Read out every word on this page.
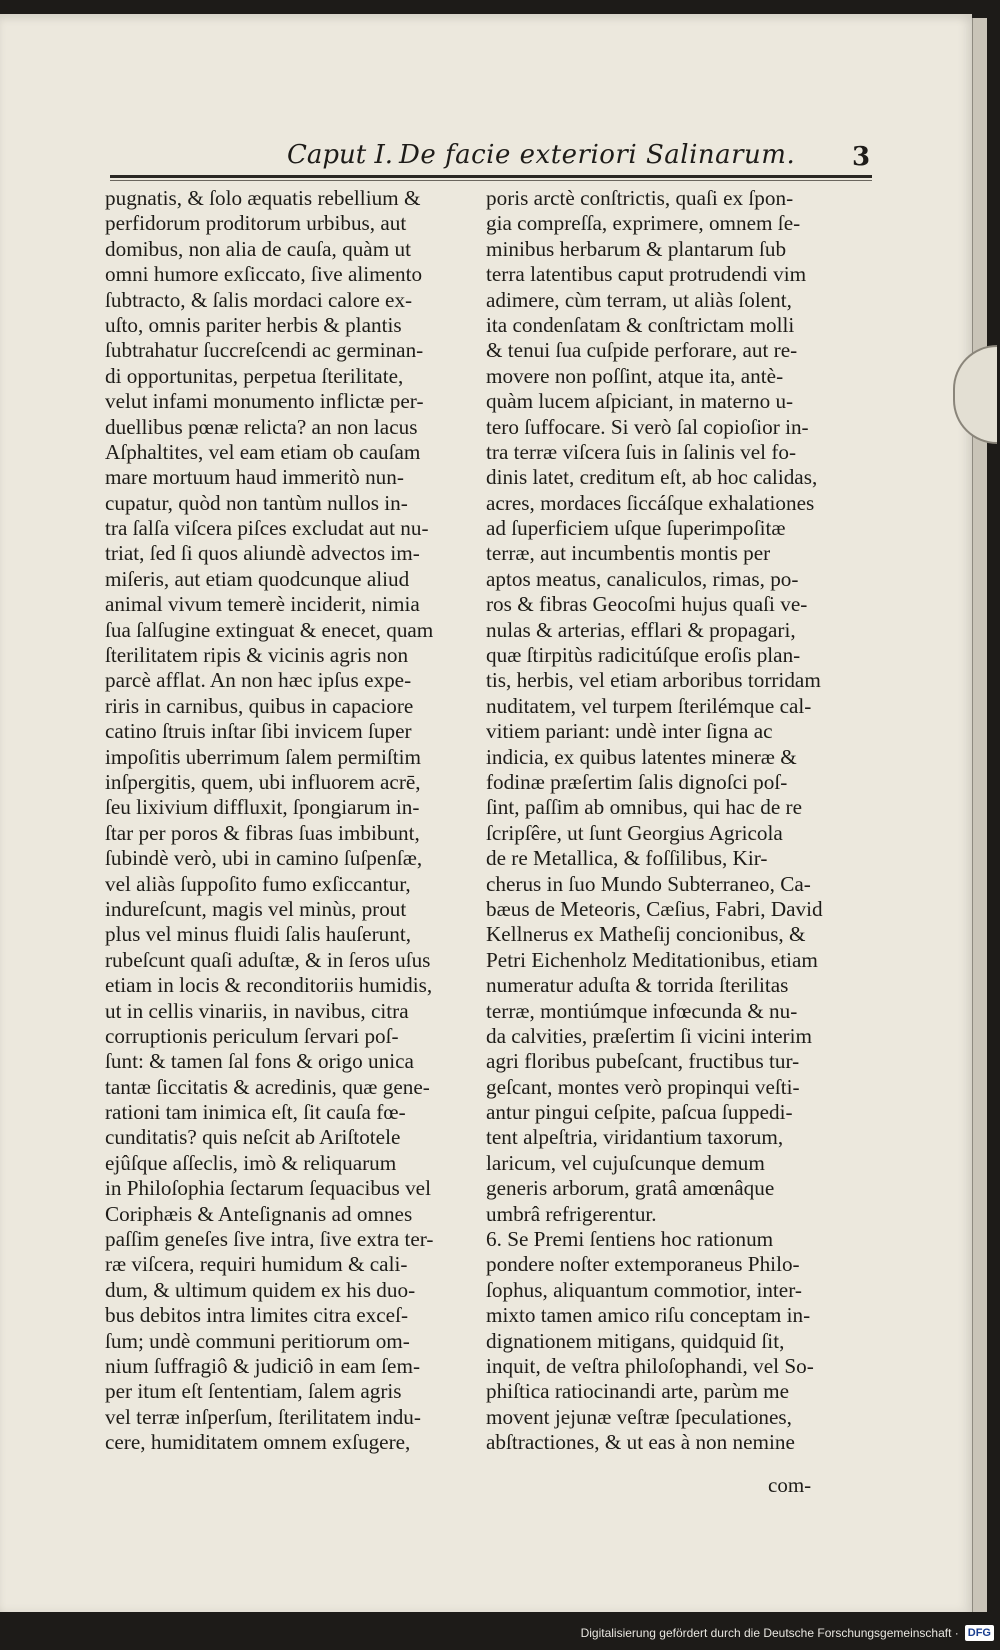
Caput I. De facie exteriori Salinarum. 3
pugnatis, & ſolo æquatis rebellium &
perfidorum proditorum urbibus, aut
domibus, non alia de cauſa, quàm ut
omni humore exſiccato, ſive alimento
ſubtracto, & ſalis mordaci calore ex-
uſto, omnis pariter herbis & plantis
ſubtrahatur ſuccreſcendi ac germinan-
di opportunitas, perpetua ſterilitate,
velut infami monumento inflictæ per-
duellibus pœnæ relicta? an non lacus
Aſphaltites, vel eam etiam ob cauſam
mare mortuum haud immeritò nun-
cupatur, quòd non tantùm nullos in-
tra ſalſa viſcera piſces excludat aut nu-
triat, ſed ſi quos aliundè advectos im-
miſeris, aut etiam quodcunque aliud
animal vivum temerè inciderit, nimia
ſua ſalſugine extinguat & enecet, quam
ſterilitatem ripis & vicinis agris non
parcè afflat. An non hæc ipſus expe-
riris in carnibus, quibus in capaciore
catino ſtruis inſtar ſibi invicem ſuper
impoſitis uberrimum ſalem permiſtim
inſpergitis, quem, ubi influorem acrē,
ſeu lixivium diffluxit, ſpongiarum in-
ſtar per poros & fibras ſuas imbibunt,
ſubindè verò, ubi in camino ſuſpenſæ,
vel aliàs ſuppoſito fumo exſiccantur,
indureſcunt, magis vel minùs, prout
plus vel minus fluidi ſalis hauſerunt,
rubeſcunt quaſi aduſtæ, & in ſeros uſus
etiam in locis & reconditoriis humidis,
ut in cellis vinariis, in navibus, citra
corruptionis periculum ſervari poſ-
ſunt: & tamen ſal fons & origo unica
tantæ ſiccitatis & acredinis, quæ gene-
rationi tam inimica eſt, ſit cauſa fœ-
cunditatis? quis neſcit ab Ariſtotele
ejûſque aſſeclis, imò & reliquarum
in Philoſophia ſectarum ſequacibus vel
Coriphæis & Anteſignanis ad omnes
paſſim geneſes ſive intra, ſive extra ter-
ræ viſcera, requiri humidum & cali-
dum, & ultimum quidem ex his duo-
bus debitos intra limites citra exceſ-
ſum; undè communi peritiorum om-
nium ſuffragiô & judiciô in eam ſem-
per itum eſt ſententiam, ſalem agris
vel terræ inſperſum, ſterilitatem indu-
cere, humiditatem omnem exſugere,
poris arctè conſtrictis, quaſi ex ſpon-
gia compreſſa, exprimere, omnem ſe-
minibus herbarum & plantarum ſub
terra latentibus caput protrudendi vim
adimere, cùm terram, ut aliàs ſolent,
ita condenſatam & conſtrictam molli
& tenui ſua cuſpide perforare, aut re-
movere non poſſint, atque ita, antè-
quàm lucem aſpiciant, in materno u-
tero ſuffocare. Si verò ſal copioſior in-
tra terræ viſcera ſuis in ſalinis vel fo-
dinis latet, creditum eſt, ab hoc calidas,
acres, mordaces ſiccáſque exhalationes
ad ſuperficiem uſque ſuperimpoſitæ
terræ, aut incumbentis montis per
aptos meatus, canaliculos, rimas, po-
ros & fibras Geocoſmi hujus quaſi ve-
nulas & arterias, efflari & propagari,
quæ ſtirpitùs radicitúſque eroſis plan-
tis, herbis, vel etiam arboribus torridam
nuditatem, vel turpem ſterilémque cal-
vitiem pariant: undè inter ſigna ac
indicia, ex quibus latentes mineræ &
fodinæ præſertim ſalis dignoſci poſ-
ſint, paſſim ab omnibus, qui hac de re
ſcripſêre, ut ſunt Georgius Agricola
de re Metallica, & foſſilibus, Kir-
cherus in ſuo Mundo Subterraneo, Ca-
bæus de Meteoris, Cæſius, Fabri, David
Kellnerus ex Matheſij concionibus, &
Petri Eichenholz Meditationibus, etiam
numeratur aduſta & torrida ſterilitas
terræ, montiúmque infœcunda & nu-
da calvities, præſertim ſi vicini interim
agri floribus pubeſcant, fructibus tur-
geſcant, montes verò propinqui veſti-
antur pingui ceſpite, paſcua ſuppedi-
tent alpeſtria, viridantium taxorum,
laricum, vel cujuſcunque demum
generis arborum, gratâ amœnâque
umbrâ refrigerentur.
6. Se Premi ſentiens hoc rationum
pondere noſter extemporaneus Philo-
ſophus, aliquantum commotior, inter-
mixto tamen amico riſu conceptam in-
dignationem mitigans, quidquid ſit,
inquit, de veſtra philoſophandi, vel So-
phiſtica ratiocinandi arte, parùm me
movent jejunæ veſtræ ſpeculationes,
abſtractiones, & ut eas à non nemine
com-
Digitalisierung gefördert durch die Deutsche Forschungsgemeinschaft · DFG
